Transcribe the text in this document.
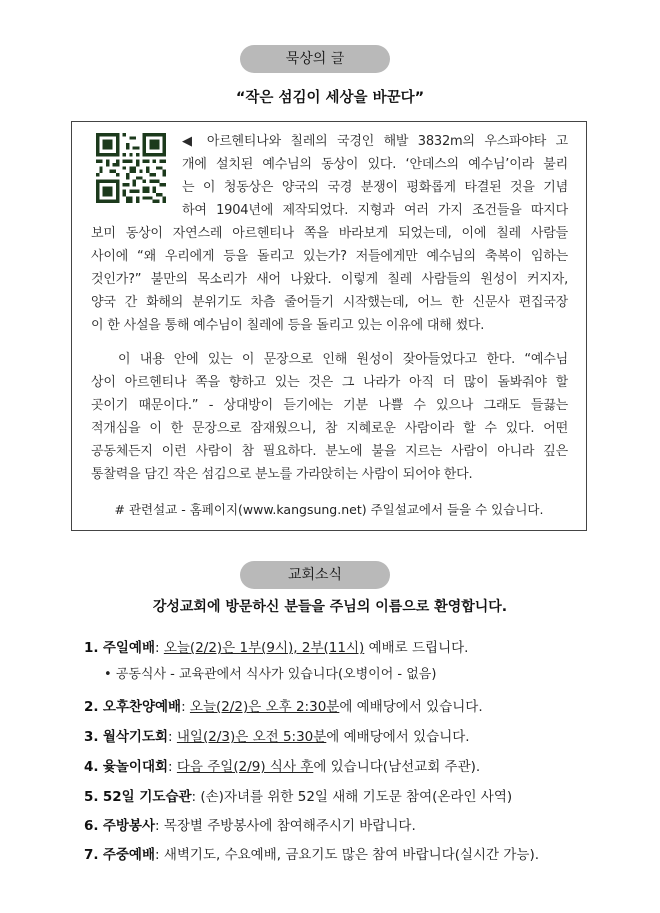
묵상의 글
“작은 섬김이 세상을 바꾼다”
◀ 아르헨티나와 칠레의 국경인 해발 3832m의 우스파야타 고
개에 설치된 예수님의 동상이 있다. ‘안데스의 예수님’이라 불리
는 이 청동상은 양국의 국경 분쟁이 평화롭게 타결된 것을 기념
하여 1904년에 제작되었다. 지형과 여러 가지 조건들을 따지다
보미 동상이 자연스레 아르헨티나 쪽을 바라보게 되었는데, 이에 칠레 사람들
사이에 “왜 우리에게 등을 돌리고 있는가? 저들에게만 예수님의 축복이 임하는
것인가?” 불만의 목소리가 새어 나왔다. 이렇게 칠레 사람들의 원성이 커지자,
양국 간 화해의 분위기도 차츰 줄어들기 시작했는데, 어느 한 신문사 편집국장
이 한 사설을 통해 예수님이 칠레에 등을 돌리고 있는 이유에 대해 썼다.
이 내용 안에 있는 이 문장으로 인해 원성이 잦아들었다고 한다. “예수님
상이 아르헨티나 쪽을 향하고 있는 것은 그 나라가 아직 더 많이 돌봐줘야 할
곳이기 때문이다.” - 상대방이 듣기에는 기분 나쁠 수 있으나 그래도 들끓는
적개심을 이 한 문장으로 잠재웠으니, 참 지혜로운 사람이라 할 수 있다. 어떤
공동체든지 이런 사람이 참 필요하다. 분노에 불을 지르는 사람이 아니라 깊은
통찰력을 담긴 작은 섬김으로 분노를 가라앉히는 사람이 되어야 한다.
# 관련설교 - 홈페이지(www.kangsung.net) 주일설교에서 들을 수 있습니다.
교회소식
강성교회에 방문하신 분들을 주님의 이름으로 환영합니다.
1. 주일예배: 오늘(2/2)은 1부(9시), 2부(11시) 예배로 드립니다.
• 공동식사 - 교육관에서 식사가 있습니다(오병이어 - 없음)
2. 오후찬양예배: 오늘(2/2)은 오후 2:30분에 예배당에서 있습니다.
3. 월삭기도회: 내일(2/3)은 오전 5:30분에 예배당에서 있습니다.
4. 윷놀이대회: 다음 주일(2/9) 식사 후에 있습니다(남선교회 주관).
5. 52일 기도습관: (손)자녀를 위한 52일 새해 기도문 참여(온라인 사역)
6. 주방봉사: 목장별 주방봉사에 참여해주시기 바랍니다.
7. 주중예배: 새벽기도, 수요예배, 금요기도 많은 참여 바랍니다(실시간 가능).
